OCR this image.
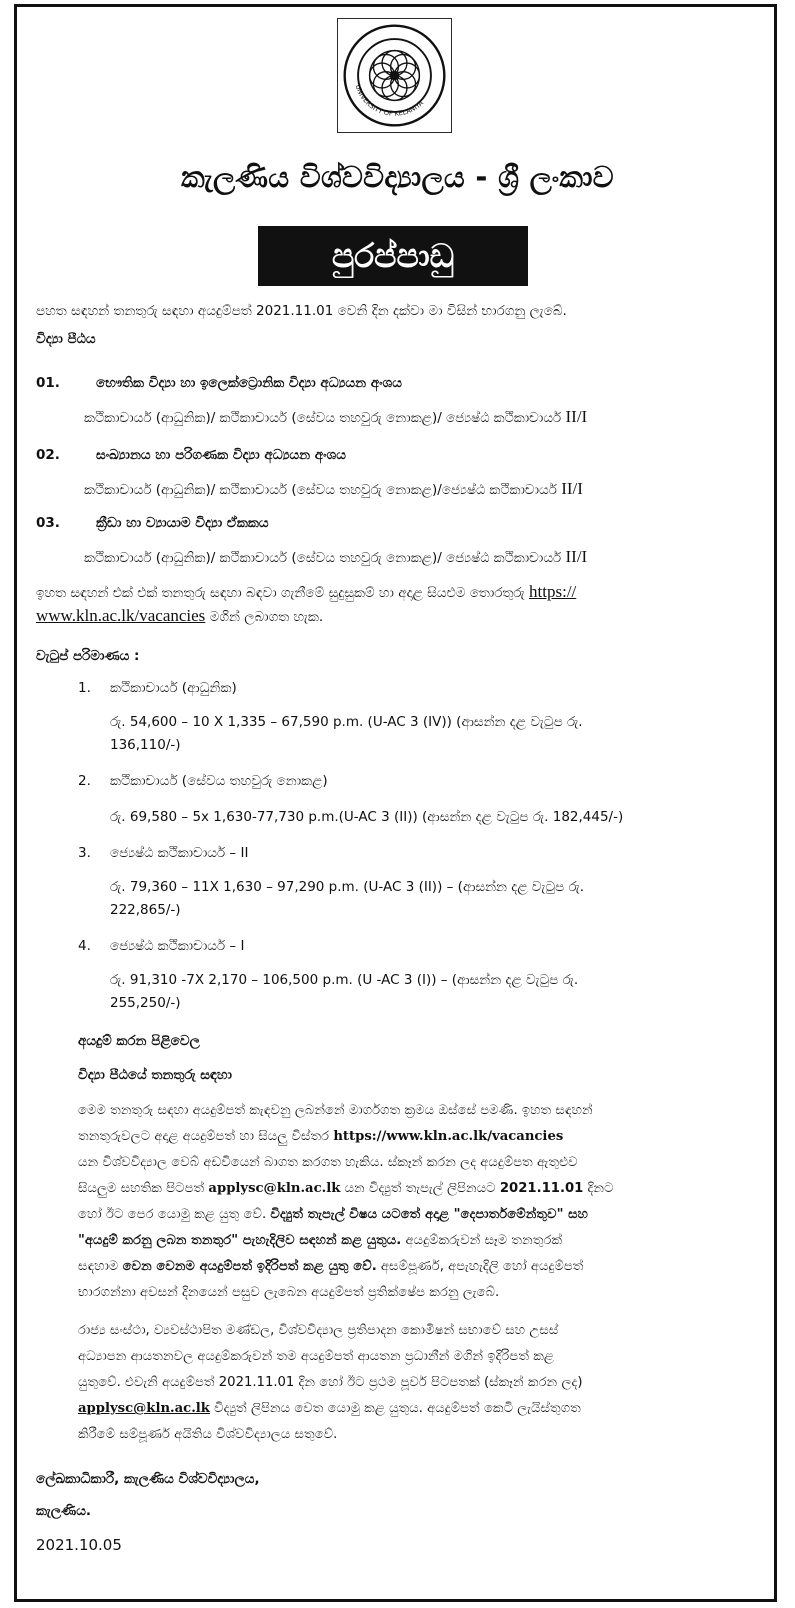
UNIVERSITY OF KELANIYA
කැලණිය විශ්වවිද්‍යාලය - ශ්‍රී ලංකාව
පුරප්පාඩු
පහත සඳහන් තනතුරු සඳහා අයදුම්පත් 2021.11.01 වෙනි දින දක්වා මා විසින් භාරගනු ලැබේ.
විද්‍යා පීඨය
01.	භෞතික විද්‍යා හා ඉලෙක්ට්‍රොනික විද්‍යා අධ්‍යයන අංශය
කථිකාචාර්ය (ආධුනික)/ කථිකාචාර්ය (සේවය තහවුරු නොකළ)/ ජ්‍යෙෂ්ඨ කථිකාචාර්ය II/I
02.	සංඛ්‍යානය හා පරිගණක විද්‍යා අධ්‍යයන අංශය
කථිකාචාර්ය (ආධුනික)/ කථිකාචාර්ය (සේවය තහවුරු නොකළ)/ජ්‍යෙෂ්ඨ කථිකාචාර්ය II/I
03.	ක්‍රීඩා හා ව්‍යායාම විද්‍යා ඒකකය
කථිකාචාර්ය (ආධුනික)/ කථිකාචාර්ය (සේවය තහවුරු නොකළ)/ ජ්‍යෙෂ්ඨ කථිකාචාර්ය II/I
ඉහත සඳහන් එක් එක් තනතුරු සඳහා බඳවා ගැනීමේ සුදුසුකම් හා අදාළ සියළුම තොරතුරු https://
www.kln.ac.lk/vacancies මගින් ලබාගත හැක.
වැටුප් පරිමාණය :
1. කථිකාචාර්ය (ආධුනික)
රු. 54,600 – 10 X 1,335 – 67,590 p.m. (U-AC 3 (IV)) (ආසන්න දළ වැටුප රු.
136,110/-)
2. කථිකාචාර්ය (සේවය තහවුරු නොකළ)
රු. 69,580 – 5x 1,630-77,730 p.m.(U-AC 3 (II)) (ආසන්න දළ වැටුප රු. 182,445/-)
3. ජ්‍යෙෂ්ඨ කථිකාචාර්ය – II
රු. 79,360 – 11X 1,630 – 97,290 p.m. (U-AC 3 (II)) – (ආසන්න දළ වැටුප රු.
222,865/-)
4. ජ්‍යෙෂ්ඨ කථිකාචාර්ය – I
රු. 91,310 -7X 2,170 – 106,500 p.m. (U -AC 3 (I)) – (ආසන්න දළ වැටුප රු.
255,250/-)
අයදුම් කරන පිළිවෙල
විද්‍යා පීඨයේ තනතුරු සඳහා
මෙම තනතුරු සඳහා අයදුම්පත් කැඳවනු ලබන්නේ මාර්ගගත ක්‍රමය ඔස්සේ පමණි. ඉහත සඳහන්
තනතුරුවලට අදාළ අයදුම්පත් හා සියලු විස්තර https://www.kln.ac.lk/vacancies
යන විශ්වවිද්‍යාල වෙබ් අඩවියෙන් බාගත කරගත හැකිය. ස්කෑන් කරන ලද අයදුම්පත ඇතුළුව
සියලුම සහතික පිටපත් applysc@kln.ac.lk යන විද්‍යුත් තැපැල් ලිපිනයට 2021.11.01 දිනට
හෝ ඊට පෙර යොමු කළ යුතු වේ. විද්‍යුත් තැපැල් විෂය යටතේ අදාළ "දෙපාර්තමේන්තුව" සහ
"අයදුම් කරනු ලබන තනතුර" පැහැදිලිව සඳහන් කළ යුතුය. අයදුම්කරුවන් සෑම තනතුරක්
සඳහාම වෙන වෙනම අයදුම්පත් ඉදිරිපත් කළ යුතු වේ. අසම්පූර්ණ, අපැහැදිලි හෝ අයදුම්පත්
භාරගන්නා අවසන් දිනයෙන් පසුව ලැබෙන අයදුම්පත් ප්‍රතික්ෂේප කරනු ලැබේ.
රාජ්‍ය සංස්ථා, ව්‍යවස්ථාපිත මණ්ඩල, විශ්වවිද්‍යාල ප්‍රතිපාදන කොමිෂන් සභාවේ සහ උසස්
අධ්‍යාපන ආයතනවල අයදුම්කරුවන් තම අයදුම්පත් ආයතන ප්‍රධානීන් මගින් ඉදිරිපත් කළ
යුතුවේ. එවැනි අයදුම්පත් 2021.11.01 දින හෝ ඊට ප්‍රථම පූර්ව පිටපතක් (ස්කෑන් කරන ලද)
applysc@kln.ac.lk විද්‍යුත් ලිපිනය වෙත යොමු කළ යුතුය. අයදුම්පත් කෙටි ලැයිස්තුගත
කිරීමේ සම්පූර්ණ අයිතිය විශ්වවිද්‍යාලය සතුවේ.
ලේඛකාධිකාරී, කැලණිය විශ්වවිද්‍යාලය,
කැලණිය.
2021.10.05
